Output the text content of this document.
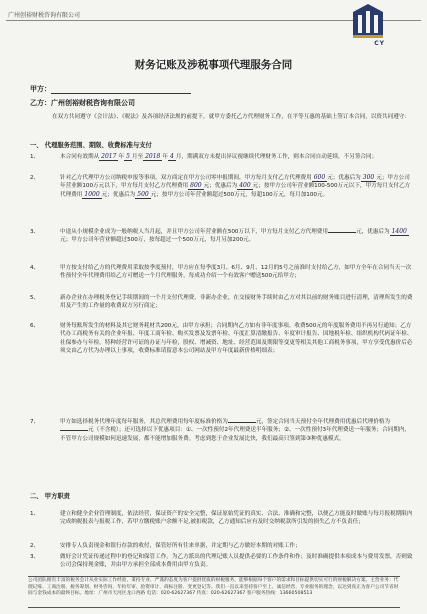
广州创裕财税咨询有限公司
CY
财务记账及涉税事项代理服务合同
甲方：
乙方：广州创裕财税咨询有限公司
在双方共同遵守《会计法》、《税法》及各项经济法规的前提下，就甲方委托乙方代理财务工作，在平等互惠的基础上签订本合同，以资共同遵守：
一、 代理服务范围、期限、收费标准与支付
1、	本合同有效期从 2017 年 5 月至 2018 年 4 月，期满双方未提出异议视继续代理财务工作，则本合同自动延续，不另签合同；
2、	针对乙方代理甲方公司纳税申报等事项，双方商定在甲方公司零申报期间，甲方每月支付乙方代理费用 600 元；优惠后为 300 元；甲方公司年营业额100万元以下，甲方每月支付乙方代理费用 800 元；优惠后为 400 元；按甲方公司年营业额100-500万元以下，甲方每月支付乙方代理费用 1000 元；优惠后为 500 元；按甲方公司年营业额超过500万元，每超100万元，每月加100元。
3、	中途从小规模企业成为一般纳税人当月起，并且甲方公司年营业额在500万以下，甲方每月支付乙方代理费用	元，优惠后为 1400元；甲方公司年营业额超过500万，按每超过一个500万元，每月另加200元。
4、	甲方按支付给乙方的代理费用采取按季度预付，甲方应在每季度3月、6月、9月、12月的5号之前准时支付给乙方，如甲方全年在合同当天一次性预付全年代理费用给乙方可赠送一个月代理服务，每成功介绍一个有效客户赠送500元给甲方；
5、	新办企业在办理税务登记手续期间的一个月支付代理费，非新办企业，在交接财务手续时由乙方对其以前的财务账目进行清理，清理所发生的费用及产生的工作量的收费双方另行商定；
6、	财务每账所发生的材料及其它财务耗材共200元，由甲方承担；合同期内乙方如有非年度事项、收费500元的年度服务费用不再另行通知；乙方代办工商税务有关的企业年报、年度工商年检、购买发票及发票年检、年度汇算清缴报告、年度审计报告、国地税年检、组织机构代码证年检、社保参办与年检，特种经营许可证的办证与年检，股权、增减资、地址、经营范围及期限等变更等相关其他工商税务事项，甲方享受优惠价后必须交由乙方代为办理以上事项，收费标准请留意本公司网站及甲方年度最新价格明细表；
7、	甲方如选择税务代理年度每年服务，其总代理费用每年度标准价格为	元，签定合同当天预付全年代理费用优惠后代理价格为元（不含税）；还可选择以下优惠项目：①、一次性预付2年代理费送半年服务；②、一次性预付3年代理费送一年服务；合同期内，不管甲方公司规模如何迅速发展，都不能增加服务费。考虑到您于企业发展比快，我们最高只签到第③种优惠模式。
二、 甲方职责
1、	建立和健全企业管理制度，依法经营，保证资产的安全完整，保证原始凭证的真实、合法、准确和完整，以便乙方能及时做账与每月报税期限内完成纳税报表与报税工作，若甲方缴税账户余额不足,被扣税款，乙方通知后应有及时交纳税款所引发的损失乙方不负责任；
2、	安排专人负责现金和银行存款的收付，保管好所有往来单据，并定期与乙方做好本期的对账工作；
3、	做好会计凭证传递过程中的登记和保管工作。为乙方派出的代理记账人员提供必要的工作条件和作；及时准确提供本项成本与费用发票，否则致公司会保持现金账，并由甲方承担全部成本费用由甲方负责。
公司团队拥有丰富的税务会计从业实际工作经验，秉持专业、严谨的态度为客户提供优质的财税服务，能够根据每个客户的需求和目标提供切实可行的财税解决方案。主营业务：代理记账、工商注册、税务筹划、财务咨询、年检年审、验资审计、商标注册、变更登记等。我们一直以来坚持客户至上、诚信经营、专业服务的理念，以达到真正为客户公司节省时间与金钱成本的最终目标。地址：广州市天河区龙口西路 电话：020-62627367 传真：020-62627367 客户服务热线：13660508513
